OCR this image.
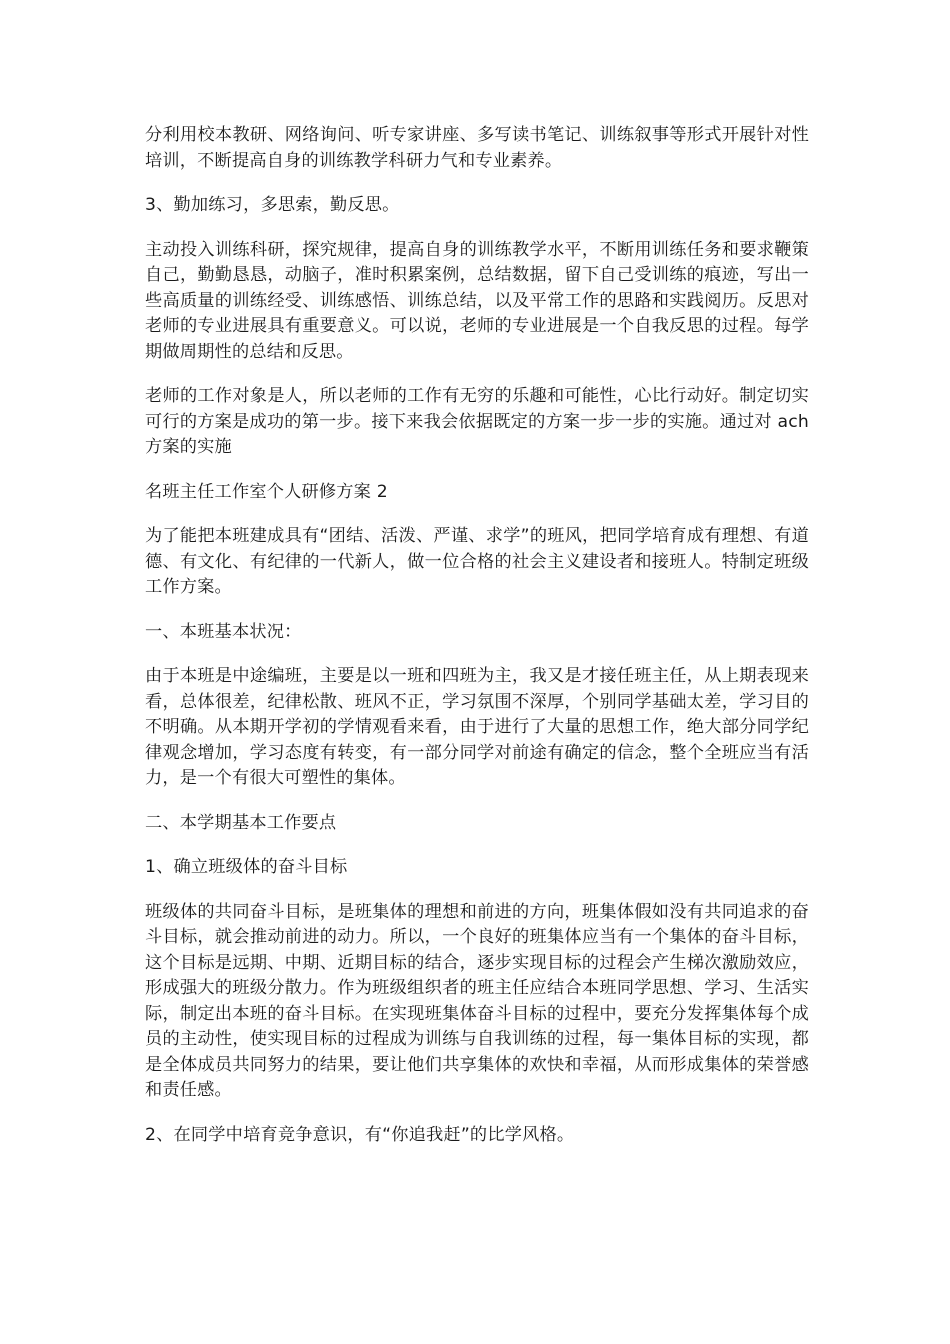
分利用校本教研、网络询问、听专家讲座、多写读书笔记、训练叙事等形式开展针对性培训，不断提高自身的训练教学科研力气和专业素养。

3、勤加练习，多思索，勤反思。

主动投入训练科研，探究规律，提高自身的训练教学水平，不断用训练任务和要求鞭策自己，勤勤恳恳，动脑子，准时积累案例，总结数据，留下自己受训练的痕迹，写出一些高质量的训练经受、训练感悟、训练总结，以及平常工作的思路和实践阅历。反思对老师的专业进展具有重要意义。可以说，老师的专业进展是一个自我反思的过程。每学期做周期性的总结和反思。

老师的工作对象是人，所以老师的工作有无穷的乐趣和可能性，心比行动好。制定切实可行的方案是成功的第一步。接下来我会依据既定的方案一步一步的实施。通过对 ach 方案的实施

名班主任工作室个人研修方案 2

为了能把本班建成具有“团结、活泼、严谨、求学”的班风，把同学培育成有理想、有道德、有文化、有纪律的一代新人，做一位合格的社会主义建设者和接班人。特制定班级工作方案。

一、本班基本状况：

由于本班是中途编班，主要是以一班和四班为主，我又是才接任班主任，从上期表现来看，总体很差，纪律松散、班风不正，学习氛围不深厚，个别同学基础太差，学习目的不明确。从本期开学初的学情观看来看，由于进行了大量的思想工作，绝大部分同学纪律观念增加，学习态度有转变，有一部分同学对前途有确定的信念，整个全班应当有活力，是一个有很大可塑性的集体。

二、本学期基本工作要点

1、确立班级体的奋斗目标

班级体的共同奋斗目标，是班集体的理想和前进的方向，班集体假如没有共同追求的奋斗目标，就会推动前进的动力。所以，一个良好的班集体应当有一个集体的奋斗目标，这个目标是远期、中期、近期目标的结合，逐步实现目标的过程会产生梯次激励效应，形成强大的班级分散力。作为班级组织者的班主任应结合本班同学思想、学习、生活实际，制定出本班的奋斗目标。在实现班集体奋斗目标的过程中，要充分发挥集体每个成员的主动性，使实现目标的过程成为训练与自我训练的过程，每一集体目标的实现，都是全体成员共同努力的结果，要让他们共享集体的欢快和幸福，从而形成集体的荣誉感和责任感。

2、在同学中培育竞争意识，有“你追我赶”的比学风格。
